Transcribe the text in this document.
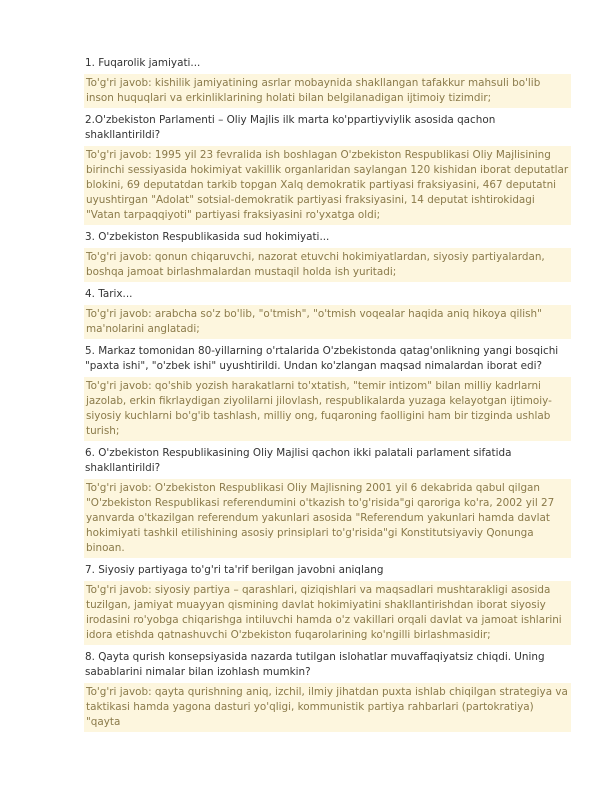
1. Fuqarolik jamiyati...

To'g'ri javob: kishilik jamiyatining asrlar mobaynida shakllangan tafakkur mahsuli bo'lib inson huquqlari va erkinliklarining holati bilan belgilanadigan ijtimoiy tizimdir;

2.O'zbekiston Parlamenti – Oliy Majlis ilk marta ko'ppartiyviylik asosida qachon shakllantirildi?

To'g'ri javob: 1995 yil 23 fevralida ish boshlagan O'zbekiston Respublikasi Oliy Majlisining birinchi sessiyasida hokimiyat vakillik organlaridan saylangan 120 kishidan iborat deputatlar blokini, 69 deputatdan tarkib topgan Xalq demokratik partiyasi fraksiyasini, 467 deputatni uyushtirgan "Adolat" sotsial-demokratik partiyasi fraksiyasini, 14 deputat ishtirokidagi "Vatan tarpaqqiyoti" partiyasi fraksiyasini ro'yxatga oldi;

3. O'zbekiston Respublikasida sud hokimiyati...

To'g'ri javob: qonun chiqaruvchi, nazorat etuvchi hokimiyatlardan, siyosiy partiyalardan, boshqa jamoat birlashmalardan mustaqil holda ish yuritadi;

4. Tarix...

To'g'ri javob: arabcha so'z bo'lib, "o'tmish", "o'tmish voqealar haqida aniq hikoya qilish" ma'nolarini anglatadi;

5. Markaz tomonidan 80-yillarning o'rtalarida O'zbekistonda qatag'onlikning yangi bosqichi "paxta ishi", "o'zbek ishi" uyushtirildi. Undan ko'zlangan maqsad nimalardan iborat edi?

To'g'ri javob: qo'shib yozish harakatlarni to'xtatish, "temir intizom" bilan milliy kadrlarni jazolab, erkin fikrlaydigan ziyolilarni jilovlash, respublikalarda yuzaga kelayotgan ijtimoiy-siyosiy kuchlarni bo'g'ib tashlash, milliy ong, fuqaroning faolligini ham bir tizginda ushlab turish;

6. O'zbekiston Respublikasining Oliy Majlisi qachon ikki palatali parlament sifatida shakllantirildi?

To'g'ri javob: O'zbekiston Respublikasi Oliy Majlisning 2001 yil 6 dekabrida qabul qilgan "O'zbekiston Respublikasi referendumini o'tkazish to'g'risida"gi qaroriga ko'ra, 2002 yil 27 yanvarda o'tkazilgan referendum yakunlari asosida "Referendum yakunlari hamda davlat hokimiyati tashkil etilishining asosiy prinsiplari to'g'risida"gi Konstitutsiyaviy Qonunga binoan.

7. Siyosiy partiyaga to'g'ri ta'rif berilgan javobni aniqlang

To'g'ri javob: siyosiy partiya – qarashlari, qiziqishlari va maqsadlari mushtarakligi asosida tuzilgan, jamiyat muayyan qismining davlat hokimiyatini shakllantirishdan iborat siyosiy irodasini ro'yobga chiqarishga intiluvchi hamda o'z vakillari orqali davlat va jamoat ishlarini idora etishda qatnashuvchi O'zbekiston fuqarolarining ko'ngilli birlashmasidir;

8. Qayta qurish konsepsiyasida nazarda tutilgan islohatlar muvaffaqiyatsiz chiqdi. Uning sabablarini nimalar bilan izohlash mumkin?

To'g'ri javob: qayta qurishning aniq, izchil, ilmiy jihatdan puxta ishlab chiqilgan strategiya va taktikasi hamda yagona dasturi yo'qligi, kommunistik partiya rahbarlari (partokratiya) "qayta
